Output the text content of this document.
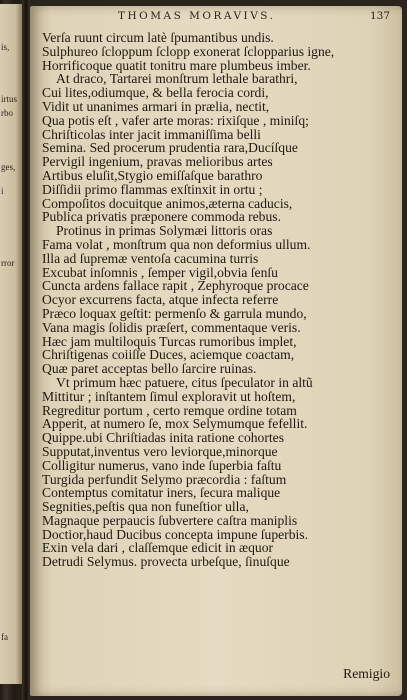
is,
irtus
rbo
ges,
i
rror
fa
THOMAS MORAVIVS.	137
Verſa ruunt circum latè ſpumantibus undis.
Sulphureo ſcloppum ſclopp exonerat ſclopparius igne,
Horrificoque quatit tonitru mare plumbeus imber.
At draco, Tartarei monſtrum lethale barathri,
Cui lites,odiumque, & bella ferocia cordi,
Vidit ut unanimes armari in prælia, nectit,
Qua potis eſt , vafer arte moras: rixiſque , miniſq;
Chriſticolas inter jacit immaniſſima belli
Semina. Sed procerum prudentia rara,Ducíſque
Pervigil ingenium, pravas melioribus artes
Artibus eluſit,Stygio emiſſaſque barathro
Diſſidii primo flammas exſtinxit in ortu ;
Compoſitos docuitque animos,æterna caducis,
Publica privatis præponere commoda rebus.
Protinus in primas Solymæi littoris oras
Fama volat , monſtrum qua non deformius ullum.
Illa ad ſupremæ ventoſa cacumina turris
Excubat inſomnis , ſemper vigil,obvia ſenſu
Cuncta ardens fallace rapit , Zephyroque procace
Ocyor excurrens facta, atque infecta referre
Præco loquax geſtit: permenſo & garrula mundo,
Vana magis ſolidis præſert, commentaque veris.
Hæc jam multiloquis Turcas rumoribus implet,
Chriſtigenas coiiſſe Duces, aciemque coactam,
Quæ paret acceptas bello ſarcire ruinas.
Vt primum hæc patuere, citus ſpeculator in altũ
Mittitur ; inſtantem ſimul exploravit ut hoſtem,
Regreditur portum , certo remque ordine totam
Apperit, at numero ſe, mox Selymumque fefellit.
Quippe.ubi Chriſtiadas inita ratione cohortes
Supputat,inventus vero leviorque,minorque
Colligitur numerus, vano inde ſuperbia faſtu
Turgida perfundit Selymo præcordia : faſtum
Contemptus comitatur iners, ſecura malique
Segnities,peſtis qua non funeſtior ulla,
Magnaque perpaucis ſubvertere caſtra maniplis
Doctior,haud Ducibus concepta impune ſuperbis.
Exin vela dari , claſſemque edicit in æquor
Detrudi Selymus. provecta urbeſque, ſinuſque
Remigio
